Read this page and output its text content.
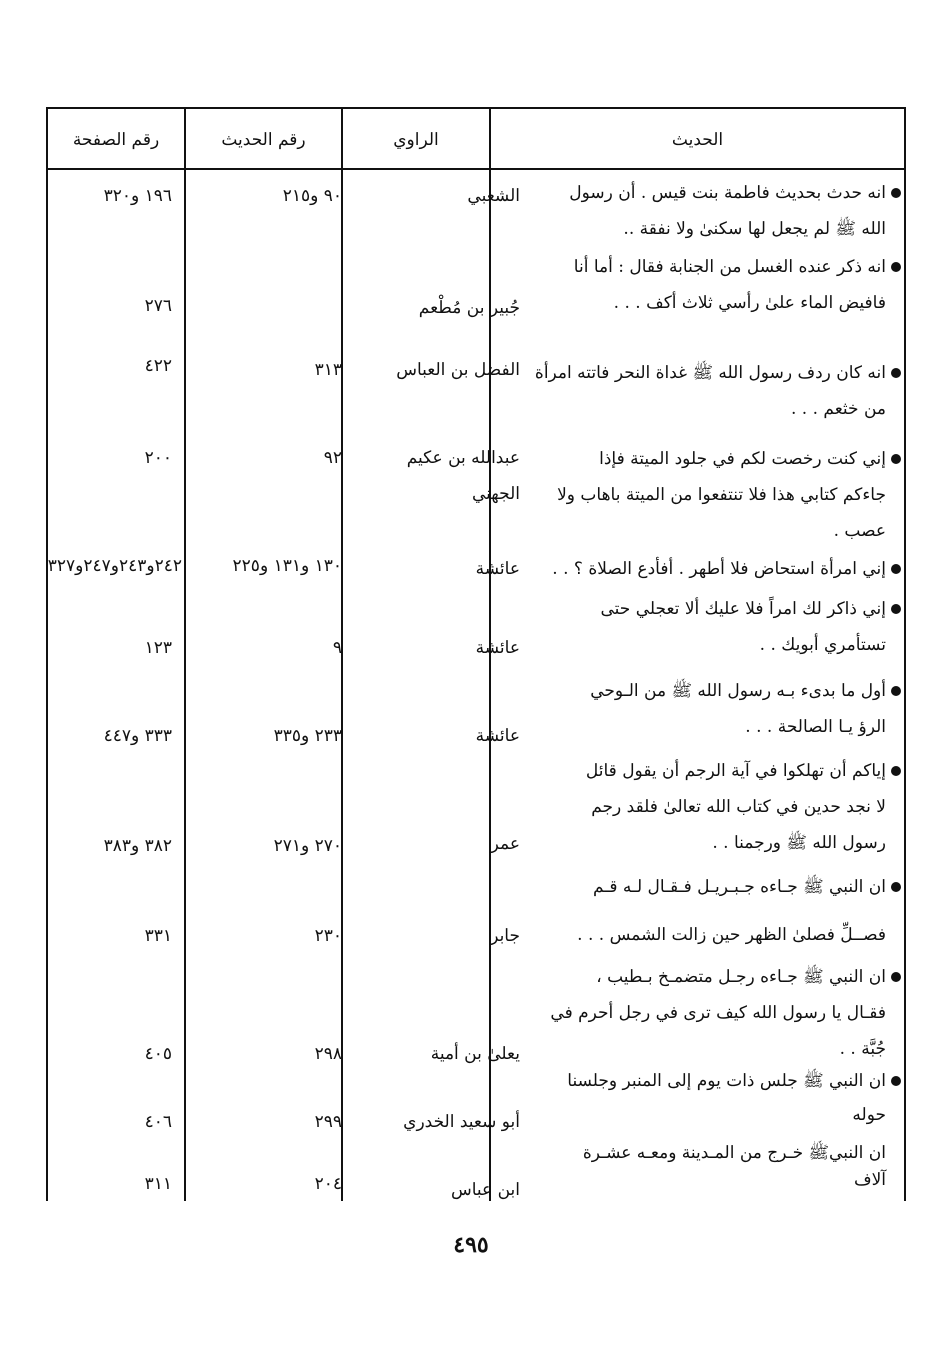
الحديث
الراوي
رقم الحديث
رقم الصفحة
انه حدث بحديث فاطمة بنت قيس . أن رسول
الله ﷺ لم يجعل لها سكنىٰ ولا نفقة ..
الشعبي
٩٠ و٢١٥
١٩٦ و٣٢٠
انه ذكر عنده الغسل من الجنابة فقال : أما أنا
فافيض الماء علىٰ رأسي ثلاث أكف . . .
جُبير بن مُطْعم
٢٧٦
انه كان ردف رسول الله ﷺ غداة النحر فاتته امرأة
من خثعم . . .
الفضل بن العباس
٣١٣
٤٢٢
إني كنت رخصت لكم في جلود الميتة فإذا
جاءكم كتابي هذا فلا تنتفعوا من الميتة باهاب ولا
عصب .
عبدالله بن عكيم
الجهني
٩٢
٢٠٠
إني امرأة استحاض فلا أطهر . أفأدع الصلاة ؟ . .
عائشة
١٣٠ و١٣١ و٢٢٥
٢٤٢و٢٤٣و٢٤٧و٣٢٧
إني ذاكر لك امراً فلا عليك ألا تعجلي حتى
تستأمري أبويك . .
عائشة
٩
١٢٣
أول ما بدىء بـه رسول الله ﷺ من الـوحي
الرؤ يـا الصالحة . . .
عائشة
٢٣٣ و٣٣٥
٣٣٣ و٤٤٧
إياكم أن تهلكوا في آية الرجم أن يقول قائل
لا نجد حدين في كتاب الله تعالىٰ فلقد رجم
رسول الله ﷺ ورجمنا . .
عمر
٢٧٠ و٢٧١
٣٨٢ و٣٨٣
ان النبي ﷺ جـاءه جـبـريـل فـقـال لـه قـم
فصــلِّ فصلىٰ الظهر حين زالت الشمس . . .
جابر
٢٣٠
٣٣١
ان النبي ﷺ جـاءه رجـل متضمـخ بـطيب ،
فقـال يا رسول الله كيف ترى في رجل أحرم في
جُبَّة . .
يعلىٰ بن أمية
٢٩٨
٤٠٥
ان النبي ﷺ جلس ذات يوم إلى المنبر وجلسنا
حوله
أبو سعيد الخدري
٢٩٩
٤٠٦
ان النبيﷺ خـرج من المـدينة ومعـه عشـرة
آلاف
ابن عباس
٢٠٤
٣١١
٤٩٥
